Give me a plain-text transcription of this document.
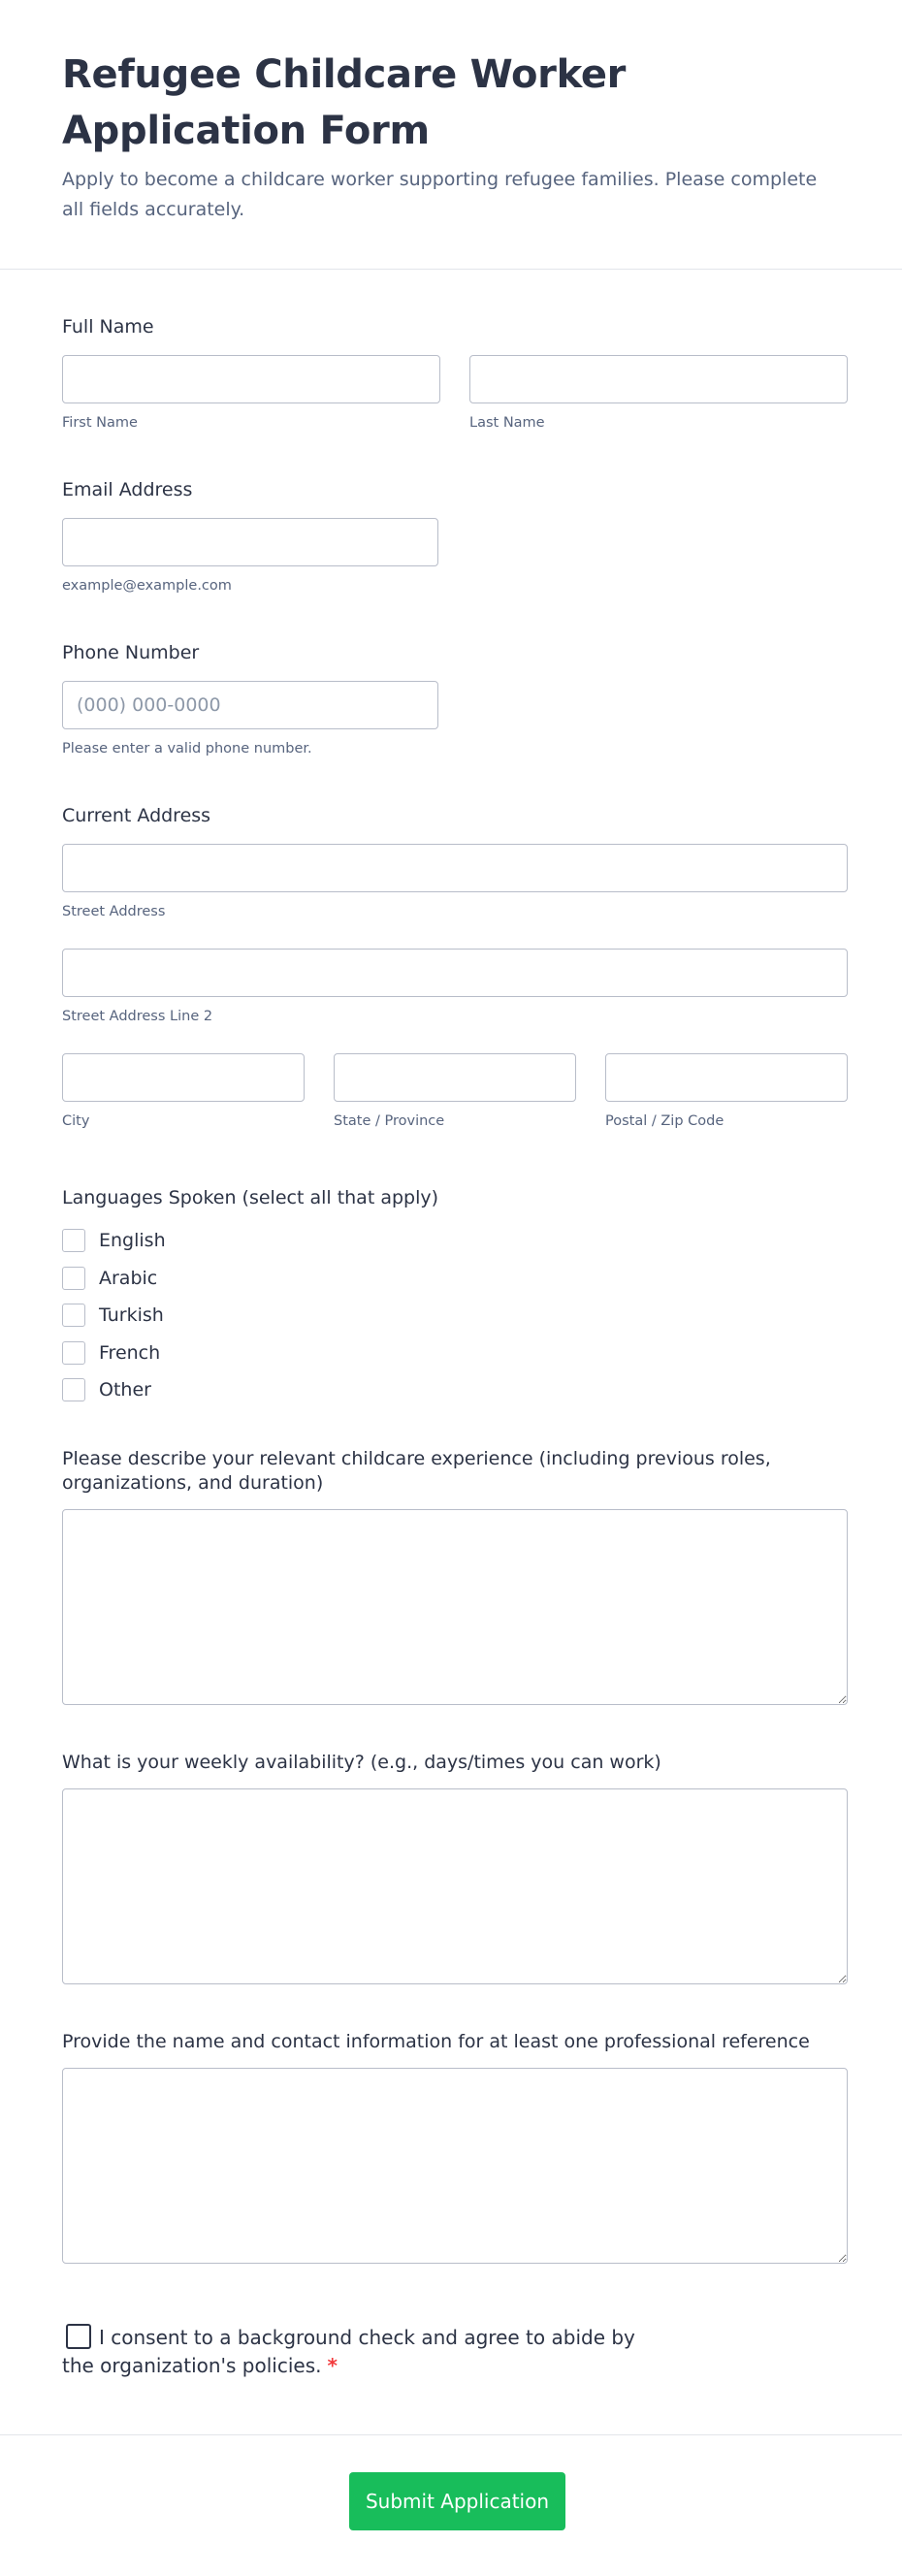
Refugee Childcare Worker Application Form

Apply to become a childcare worker supporting refugee families. Please complete all fields accurately.

Full Name
First Name	Last Name
Email Address
example@example.com
Phone Number
(000) 000-0000
Please enter a valid phone number.
Current Address
Street Address
Street Address Line 2
City	State / Province	Postal / Zip Code
Languages Spoken (select all that apply)
English
Arabic
Turkish
French
Other
Please describe your relevant childcare experience (including previous roles, organizations, and duration)
What is your weekly availability? (e.g., days/times you can work)
Provide the name and contact information for at least one professional reference

I consent to a background check and agree to abide by the organization's policies. *

Submit Application
